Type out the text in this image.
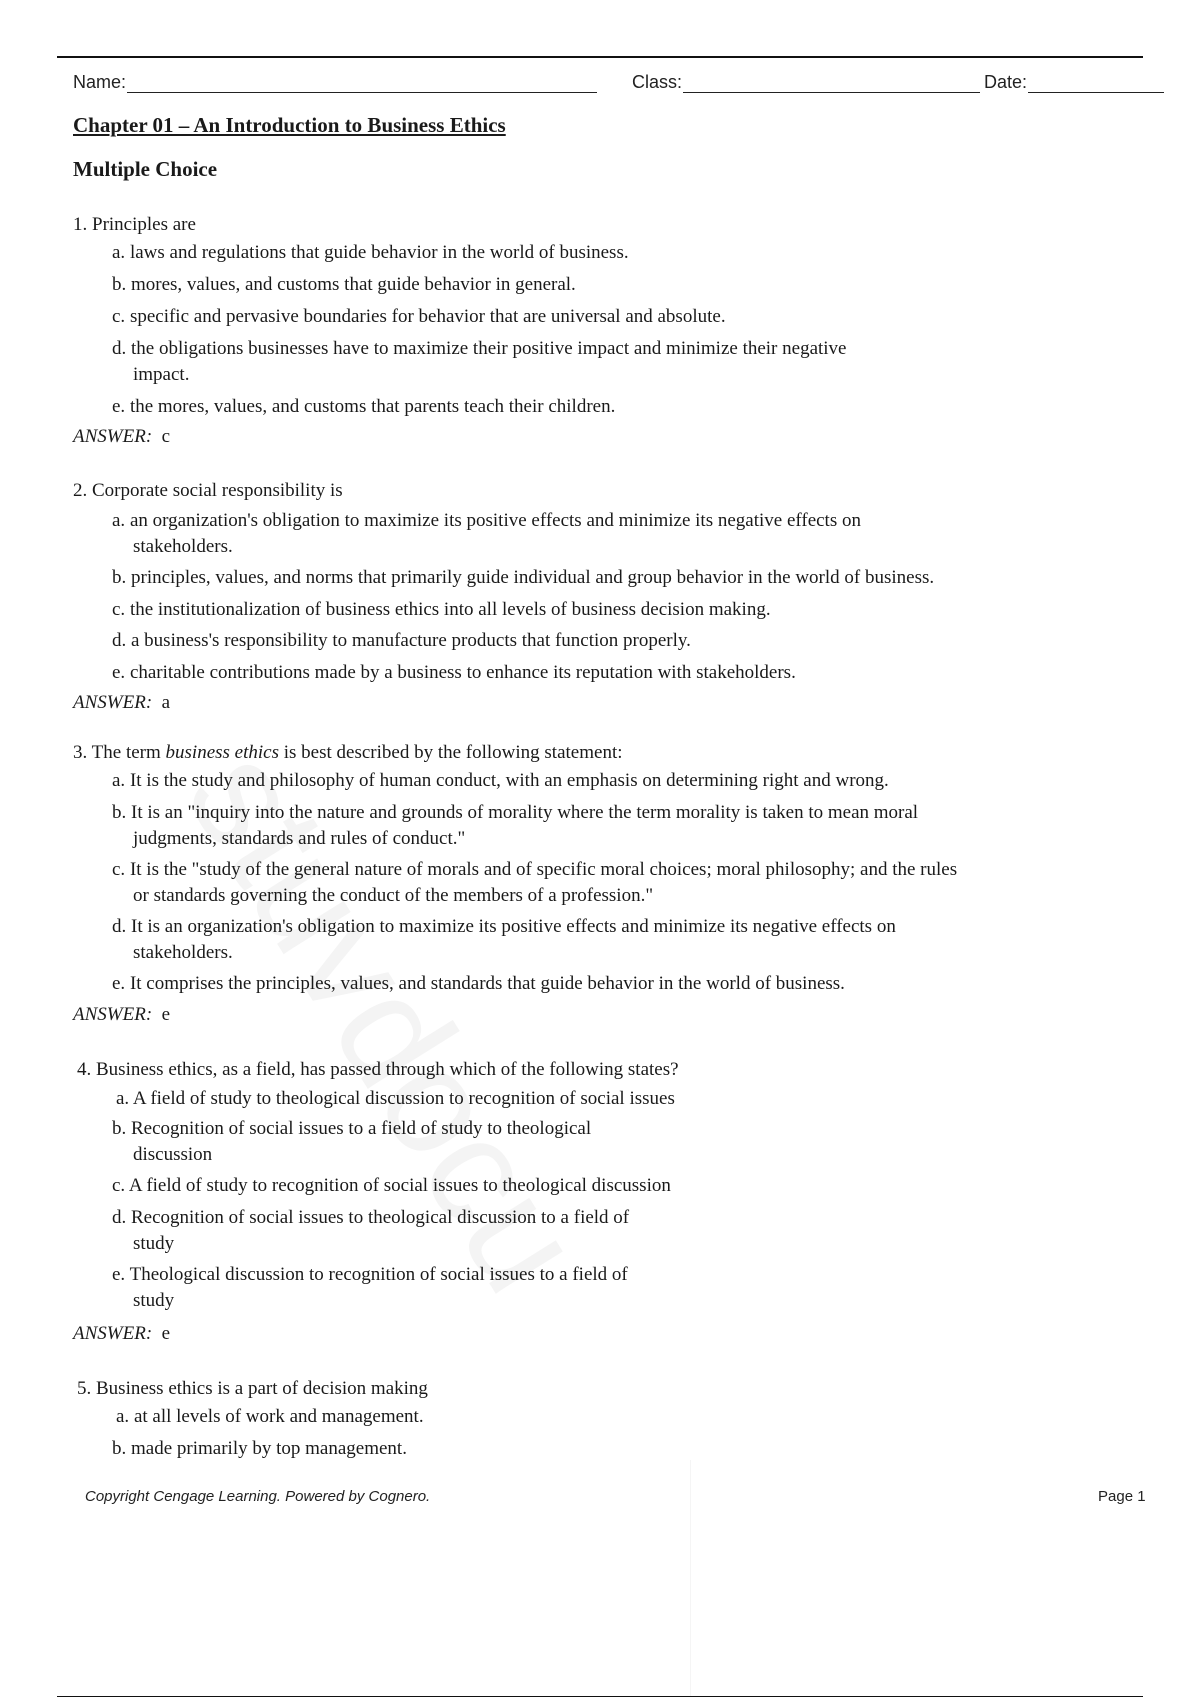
Name:	Class:	Date:
Chapter 01 – An Introduction to Business Ethics
Multiple Choice
1. Principles are
a. laws and regulations that guide behavior in the world of business.
b. mores, values, and customs that guide behavior in general.
c. specific and pervasive boundaries for behavior that are universal and absolute.
d. the obligations businesses have to maximize their positive impact and minimize their negative
impact.
e. the mores, values, and customs that parents teach their children.
ANSWER: c
2. Corporate social responsibility is
a. an organization's obligation to maximize its positive effects and minimize its negative effects on
stakeholders.
b. principles, values, and norms that primarily guide individual and group behavior in the world of business.
c. the institutionalization of business ethics into all levels of business decision making.
d. a business's responsibility to manufacture products that function properly.
e. charitable contributions made by a business to enhance its reputation with stakeholders.
ANSWER: a
3. The term business ethics is best described by the following statement:
a. It is the study and philosophy of human conduct, with an emphasis on determining right and wrong.
b. It is an "inquiry into the nature and grounds of morality where the term morality is taken to mean moral
judgments, standards and rules of conduct."
c. It is the "study of the general nature of morals and of specific moral choices; moral philosophy; and the rules
or standards governing the conduct of the members of a profession."
d. It is an organization's obligation to maximize its positive effects and minimize its negative effects on
stakeholders.
e. It comprises the principles, values, and standards that guide behavior in the world of business.
ANSWER: e
4. Business ethics, as a field, has passed through which of the following states?
a. A field of study to theological discussion to recognition of social issues
b. Recognition of social issues to a field of study to theological
discussion
c. A field of study to recognition of social issues to theological discussion
d. Recognition of social issues to theological discussion to a field of
study
e. Theological discussion to recognition of social issues to a field of
study
ANSWER: e
5. Business ethics is a part of decision making
a. at all levels of work and management.
b. made primarily by top management.
Copyright Cengage Learning. Powered by Cognero.	Page 1
